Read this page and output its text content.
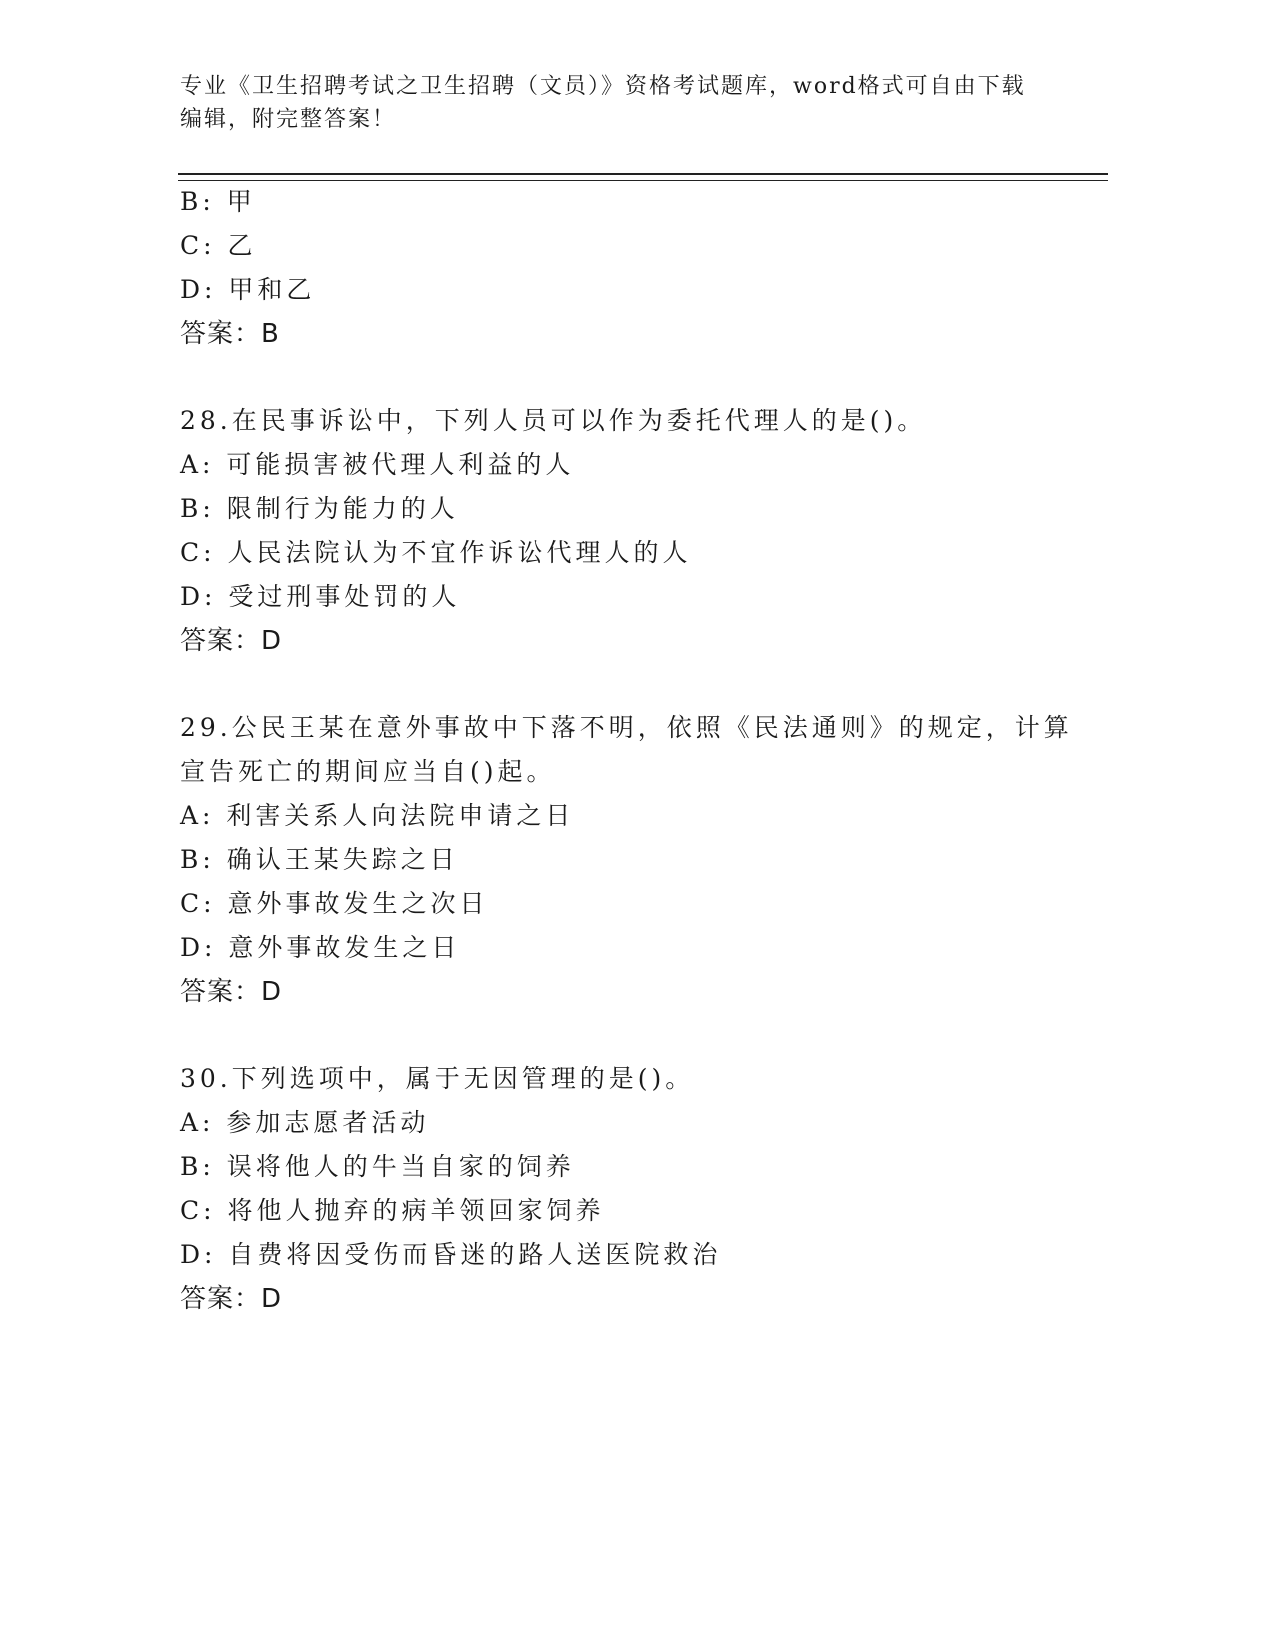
专业《卫生招聘考试之卫生招聘（文员）》资格考试题库，word格式可自由下载
编辑，附完整答案！
B: 甲
C: 乙
D: 甲和乙
答案：B
28.在民事诉讼中，下列人员可以作为委托代理人的是()。
A: 可能损害被代理人利益的人
B: 限制行为能力的人
C: 人民法院认为不宜作诉讼代理人的人
D: 受过刑事处罚的人
答案：D
29.公民王某在意外事故中下落不明，依照《民法通则》的规定，计算
宣告死亡的期间应当自()起。
A: 利害关系人向法院申请之日
B: 确认王某失踪之日
C: 意外事故发生之次日
D: 意外事故发生之日
答案：D
30.下列选项中，属于无因管理的是()。
A: 参加志愿者活动
B: 误将他人的牛当自家的饲养
C: 将他人抛弃的病羊领回家饲养
D: 自费将因受伤而昏迷的路人送医院救治
答案：D
